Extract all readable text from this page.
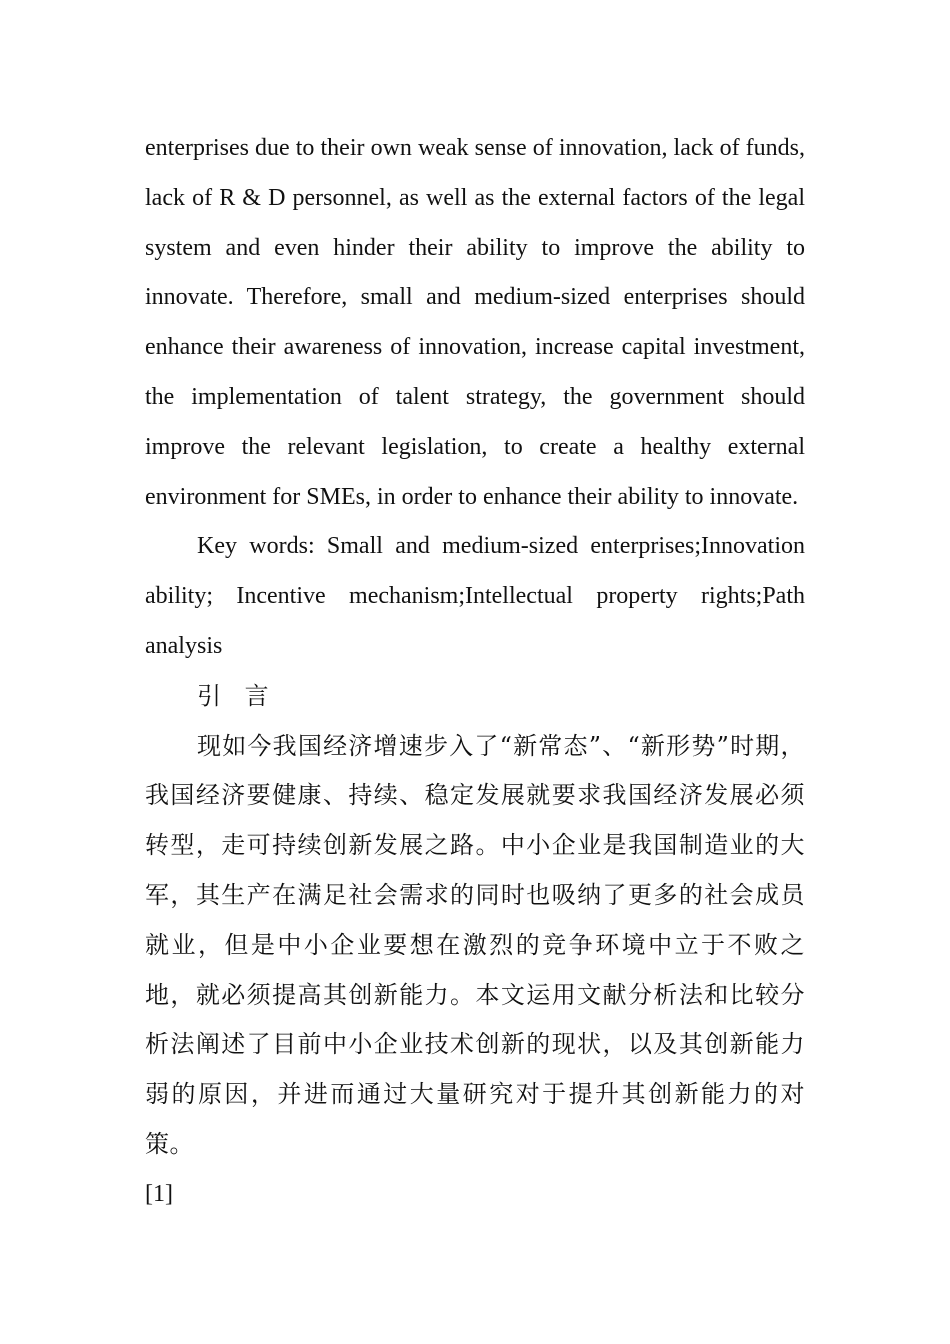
enterprises due to their own weak sense of innovation, lack of funds, lack of R & D personnel, as well as the external factors of the legal system and even hinder their ability to improve the ability to innovate. Therefore, small and medium-sized enterprises should enhance their awareness of innovation, increase capital investment, the implementation of talent strategy, the government should improve the relevant legislation, to create a healthy external environment for SMEs, in order to enhance their ability to innovate.

Key words: Small and medium-sized enterprises;Innovation ability; Incentive mechanism;Intellectual property rights;Path analysis

引 言

现如今我国经济增速步入了“新常态”、“新形势”时期，我国经济要健康、持续、稳定发展就要求我国经济发展必须转型，走可持续创新发展之路。中小企业是我国制造业的大军，其生产在满足社会需求的同时也吸纳了更多的社会成员就业，但是中小企业要想在激烈的竞争环境中立于不败之地，就必须提高其创新能力。本文运用文献分析法和比较分析法阐述了目前中小企业技术创新的现状，以及其创新能力弱的原因，并进而通过大量研究对于提升其创新能力的对策。

[1]
